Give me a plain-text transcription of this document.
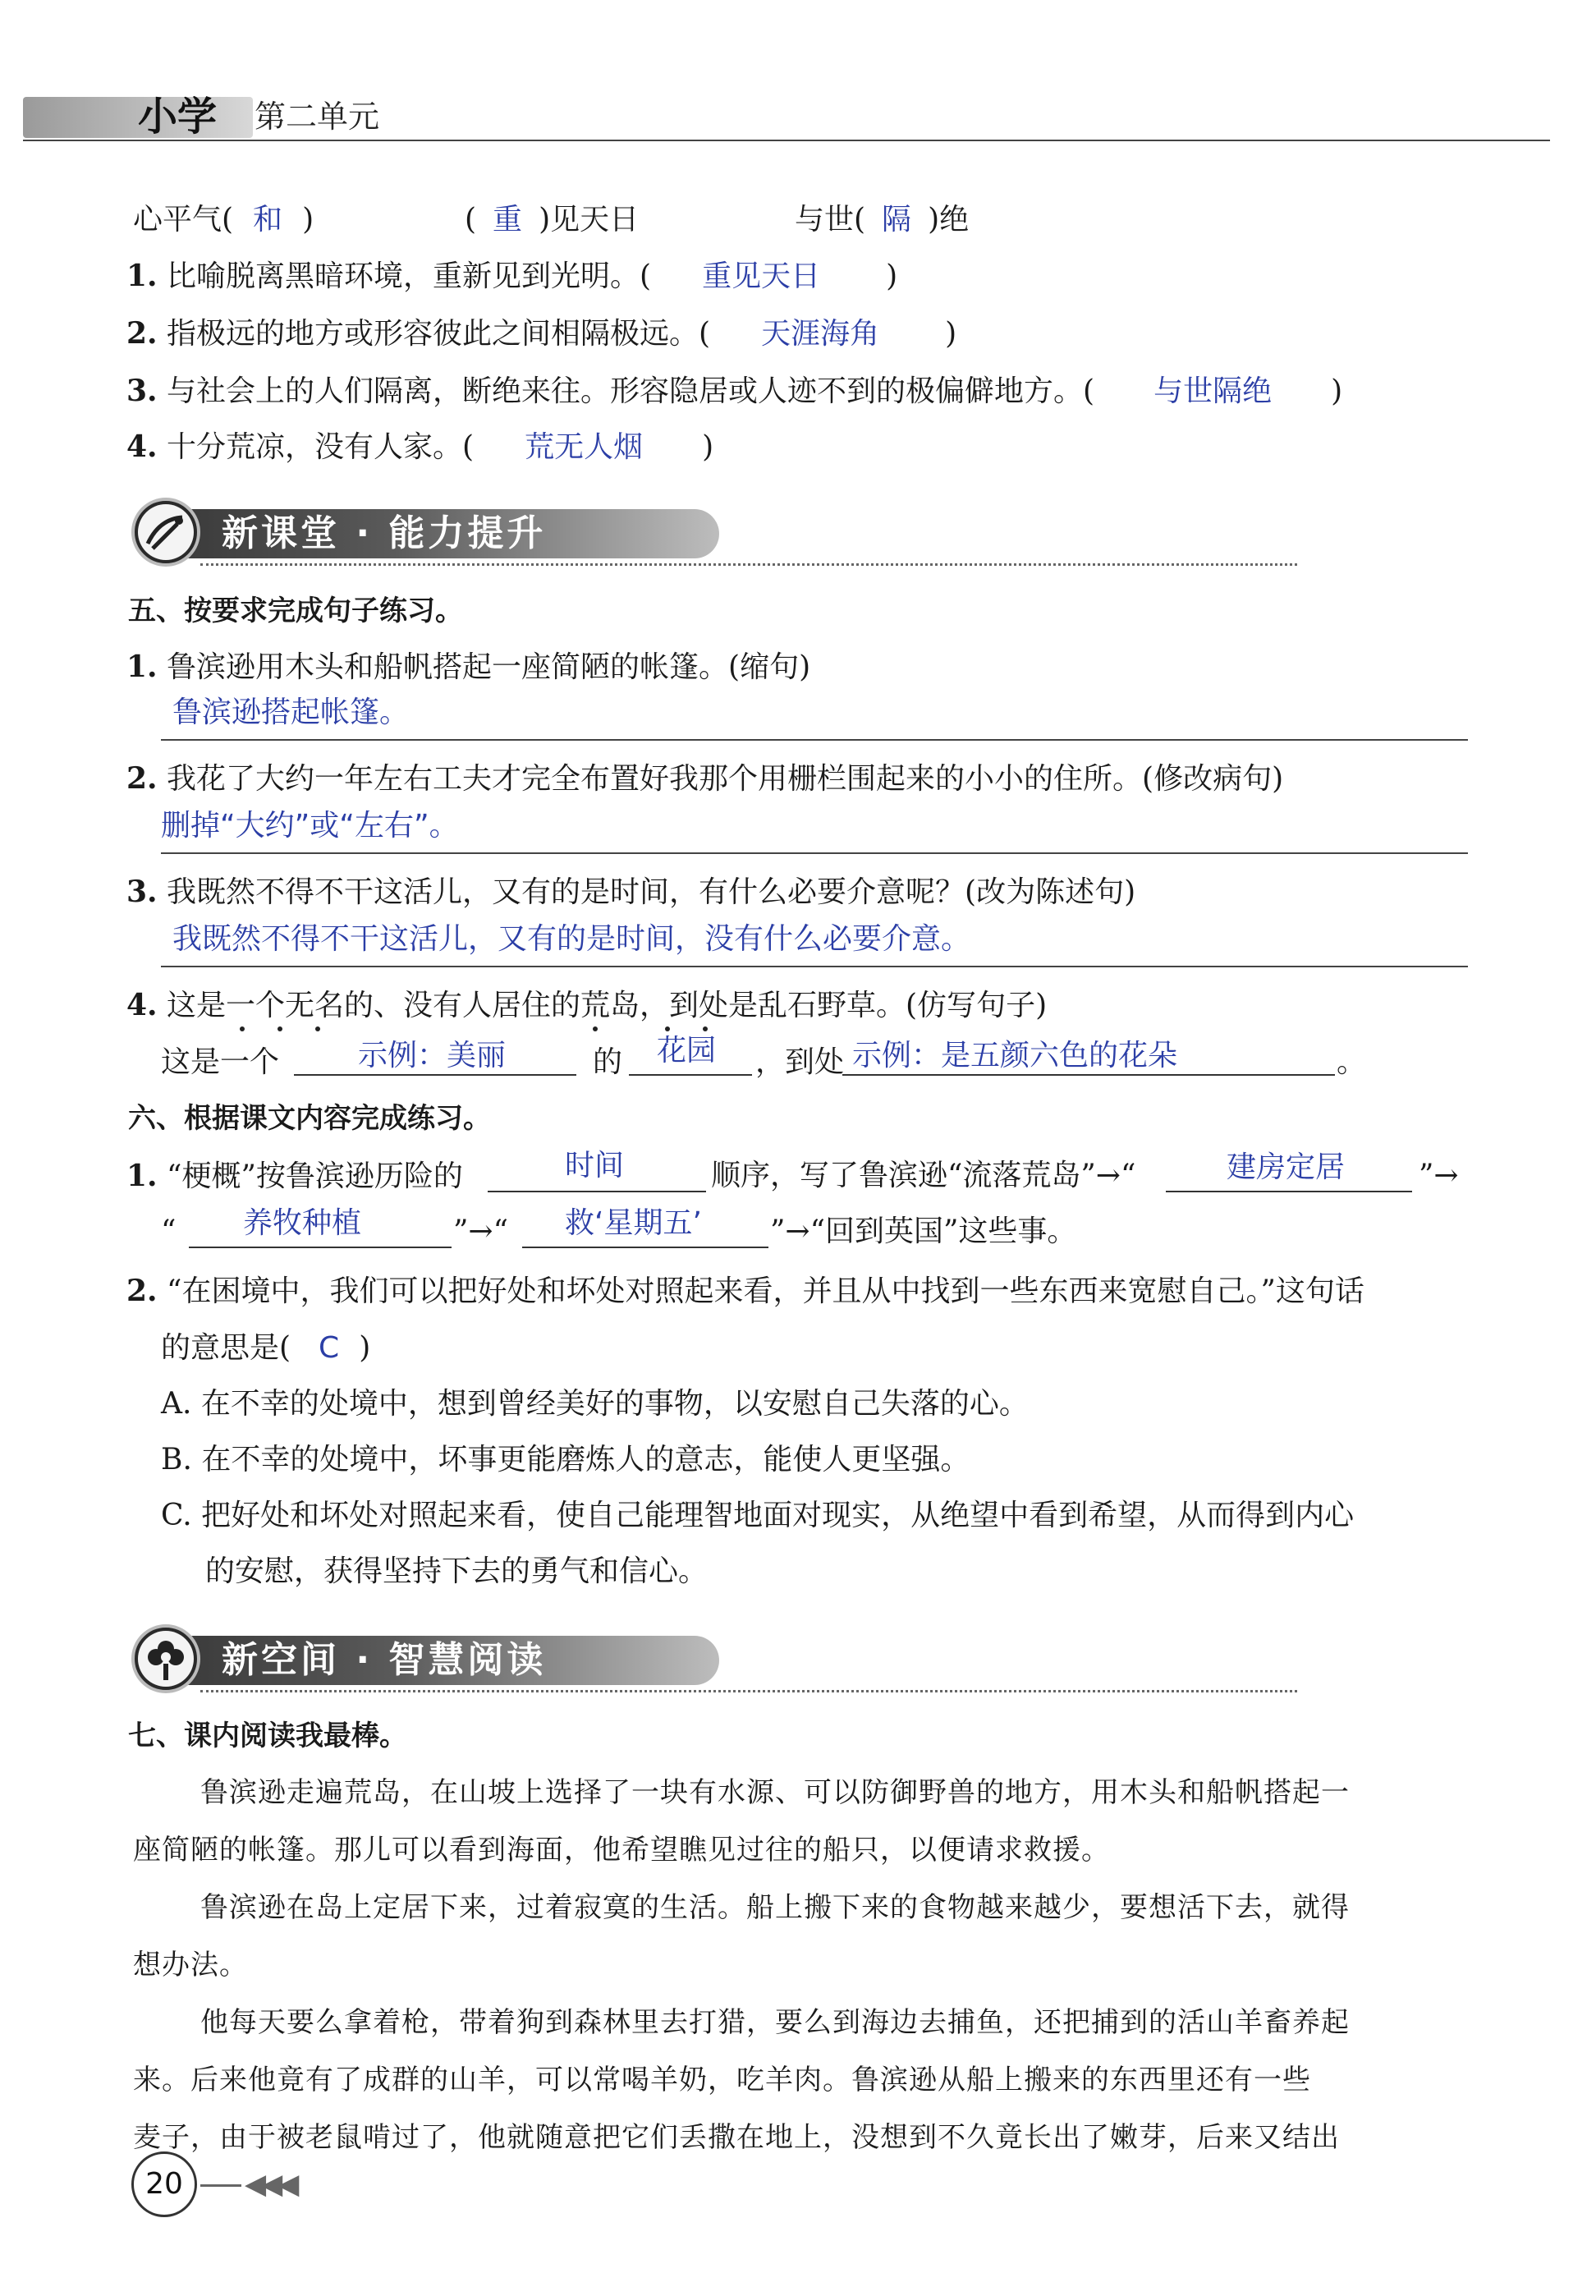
小学 第二单元
心平气( 和 )	( 重 )见天日	与世( 隔 )绝
1. 比喻脱离黑暗环境，重新见到光明。( 重见天日 )
2. 指极远的地方或形容彼此之间相隔极远。( 天涯海角 )
3. 与社会上的人们隔离，断绝来往。形容隐居或人迹不到的极偏僻地方。( 与世隔绝 )
4. 十分荒凉，没有人家。( 荒无人烟 )
新课堂 · 能力提升
五、按要求完成句子练习。
1. 鲁滨逊用木头和船帆搭起一座简陋的帐篷。(缩句)
鲁滨逊搭起帐篷。
2. 我花了大约一年左右工夫才完全布置好我那个用栅栏围起来的小小的住所。(修改病句)
删掉“大约”或“左右”。
3. 我既然不得不干这活儿，又有的是时间，有什么必要介意呢？(改为陈述句)
我既然不得不干这活儿，又有的是时间，没有什么必要介意。
4. 这是一个无名的、没有人居住的荒岛，到处是乱石野草。(仿写句子)
这是一个	示例：美丽	的 花园 ，到处 示例：是五颜六色的花朵	。
六、根据课文内容完成练习。
1. “梗概”按鲁滨逊历险的	时间	顺序，写了鲁滨逊“流落荒岛”→“	建房定居 ”→
“ 养牧种植	”→“ 救‘星期五’ ”→“回到英国”这些事。
2. “在困境中，我们可以把好处和坏处对照起来看，并且从中找到一些东西来宽慰自己。”这句话
的意思是( C )
A. 在不幸的处境中，想到曾经美好的事物，以安慰自己失落的心。
B. 在不幸的处境中，坏事更能磨炼人的意志，能使人更坚强。
C. 把好处和坏处对照起来看，使自己能理智地面对现实，从绝望中看到希望，从而得到内心
的安慰，获得坚持下去的勇气和信心。
新空间 · 智慧阅读
七、课内阅读我最棒。
鲁滨逊走遍荒岛，在山坡上选择了一块有水源、可以防御野兽的地方，用木头和船帆搭起一
座简陋的帐篷。那儿可以看到海面，他希望瞧见过往的船只，以便请求救援。
鲁滨逊在岛上定居下来，过着寂寞的生活。船上搬下来的食物越来越少，要想活下去，就得
想办法。
他每天要么拿着枪，带着狗到森林里去打猎，要么到海边去捕鱼，还把捕到的活山羊畜养起
来。后来他竟有了成群的山羊，可以常喝羊奶，吃羊肉。鲁滨逊从船上搬来的东西里还有一些
麦子，由于被老鼠啃过了，他就随意把它们丢撒在地上，没想到不久竟长出了嫩芽，后来又结出
20	◀◀◀
